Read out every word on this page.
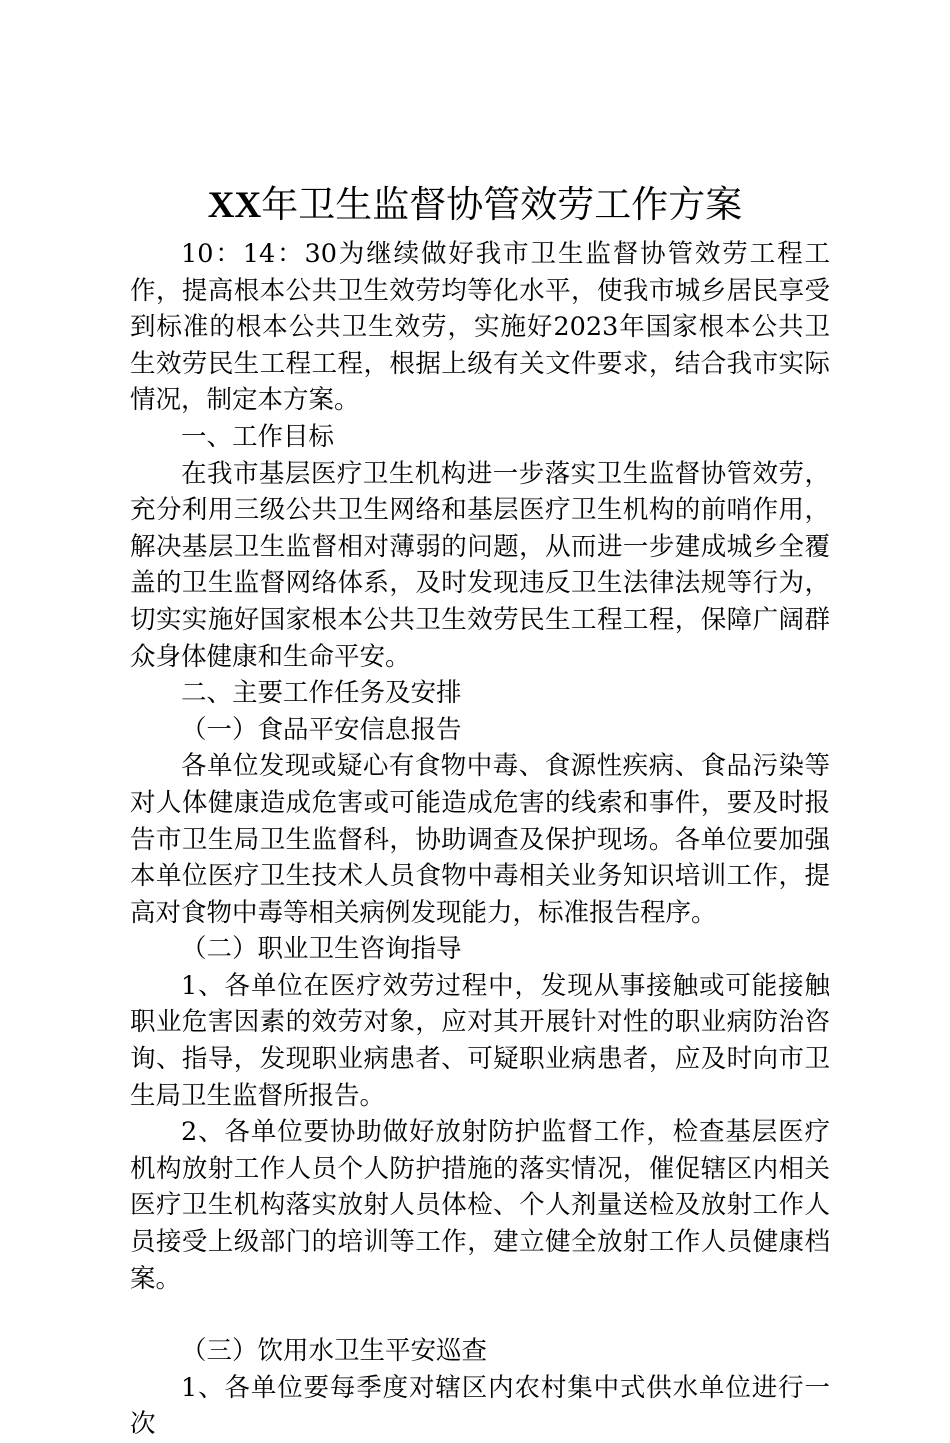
XX年卫生监督协管效劳工作方案

10：14：30为继续做好我市卫生监督协管效劳工程工作，提高根本公共卫生效劳均等化水平，使我市城乡居民享受到标准的根本公共卫生效劳，实施好2023年国家根本公共卫生效劳民生工程工程，根据上级有关文件要求，结合我市实际情况，制定本方案。

一、工作目标

在我市基层医疗卫生机构进一步落实卫生监督协管效劳，充分利用三级公共卫生网络和基层医疗卫生机构的前哨作用，解决基层卫生监督相对薄弱的问题，从而进一步建成城乡全覆盖的卫生监督网络体系，及时发现违反卫生法律法规等行为，切实实施好国家根本公共卫生效劳民生工程工程，保障广阔群众身体健康和生命平安。

二、主要工作任务及安排

（一）食品平安信息报告

各单位发现或疑心有食物中毒、食源性疾病、食品污染等对人体健康造成危害或可能造成危害的线索和事件，要及时报告市卫生局卫生监督科，协助调查及保护现场。各单位要加强本单位医疗卫生技术人员食物中毒相关业务知识培训工作，提高对食物中毒等相关病例发现能力，标准报告程序。

（二）职业卫生咨询指导

1、各单位在医疗效劳过程中，发现从事接触或可能接触职业危害因素的效劳对象，应对其开展针对性的职业病防治咨询、指导，发现职业病患者、可疑职业病患者，应及时向市卫生局卫生监督所报告。

2、各单位要协助做好放射防护监督工作，检查基层医疗机构放射工作人员个人防护措施的落实情况，催促辖区内相关医疗卫生机构落实放射人员体检、个人剂量送检及放射工作人员接受上级部门的培训等工作，建立健全放射工作人员健康档案。

（三）饮用水卫生平安巡查

1、各单位要每季度对辖区内农村集中式供水单位进行一次
